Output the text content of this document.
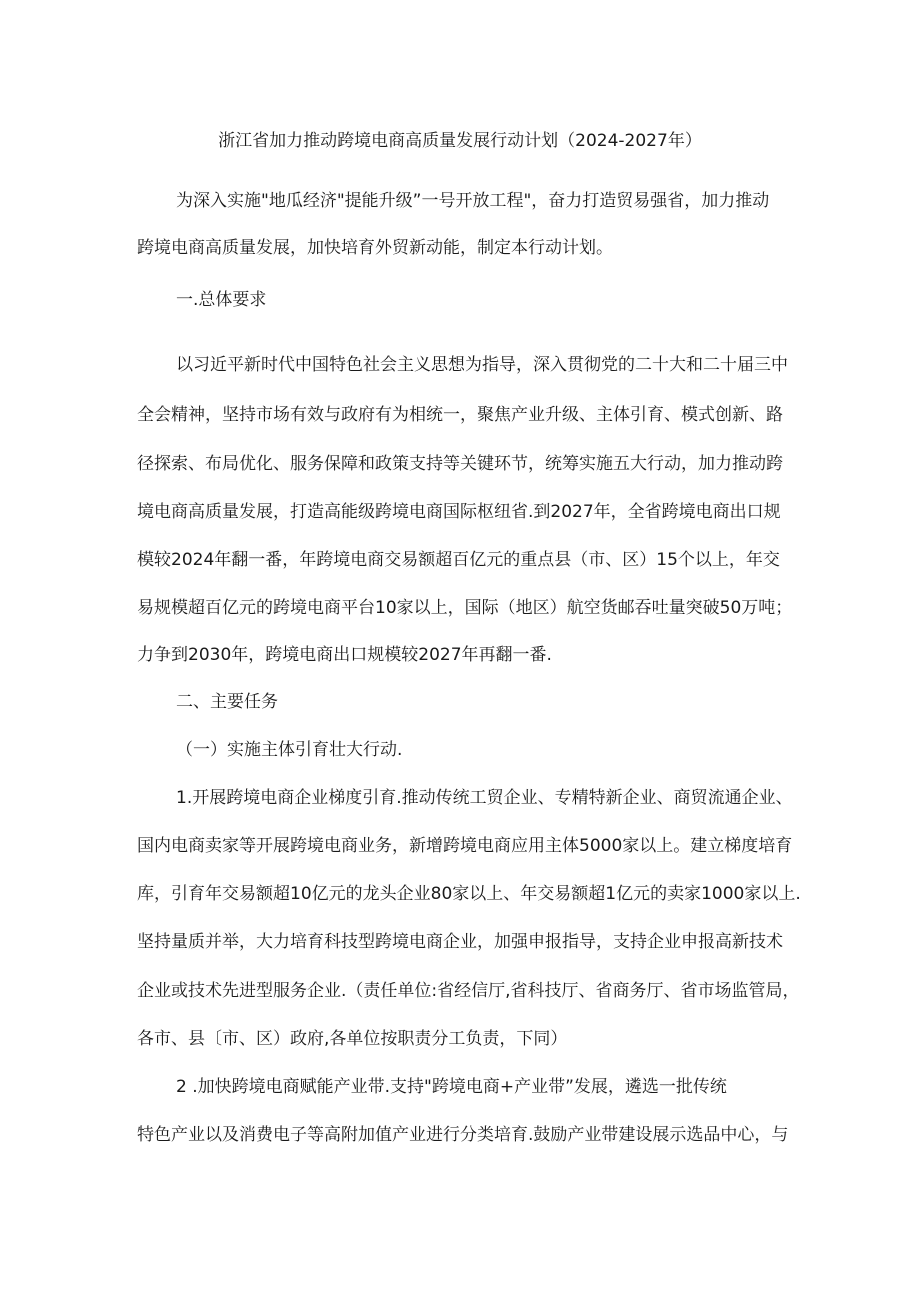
浙江省加力推动跨境电商高质量发展行动计划（2024-2027年）
为深入实施"地瓜经济"提能升级”一号开放工程"，奋力打造贸易强省，加力推动
跨境电商高质量发展，加快培育外贸新动能，制定本行动计划。
一.总体要求
以习近平新时代中国特色社会主义思想为指导，深入贯彻党的二十大和二十届三中
全会精神，坚持市场有效与政府有为相统一，聚焦产业升级、主体引育、模式创新、路
径探索、布局优化、服务保障和政策支持等关键环节，统筹实施五大行动，加力推动跨
境电商高质量发展，打造高能级跨境电商国际枢纽省.到2027年，全省跨境电商出口规
模较2024年翻一番，年跨境电商交易额超百亿元的重点县（市、区）15个以上，年交
易规模超百亿元的跨境电商平台10家以上，国际（地区）航空货邮吞吐量突破50万吨；
力争到2030年，跨境电商出口规模较2027年再翻一番.
二、主要任务
（一）实施主体引育壮大行动.
1.开展跨境电商企业梯度引育.推动传统工贸企业、专精特新企业、商贸流通企业、
国内电商卖家等开展跨境电商业务，新增跨境电商应用主体5000家以上。建立梯度培育
库，引育年交易额超10亿元的龙头企业80家以上、年交易额超1亿元的卖家1000家以上.
坚持量质并举，大力培育科技型跨境电商企业，加强申报指导，支持企业申报高新技术
企业或技术先进型服务企业.（责任单位:省经信厅,省科技厅、省商务厅、省市场监管局，
各市、县〔市、区）政府,各单位按职责分工负责，下同）
2 .加快跨境电商赋能产业带.支持"跨境电商+产业带”发展，遴选一批传统
特色产业以及消费电子等高附加值产业进行分类培育.鼓励产业带建设展示选品中心，与
